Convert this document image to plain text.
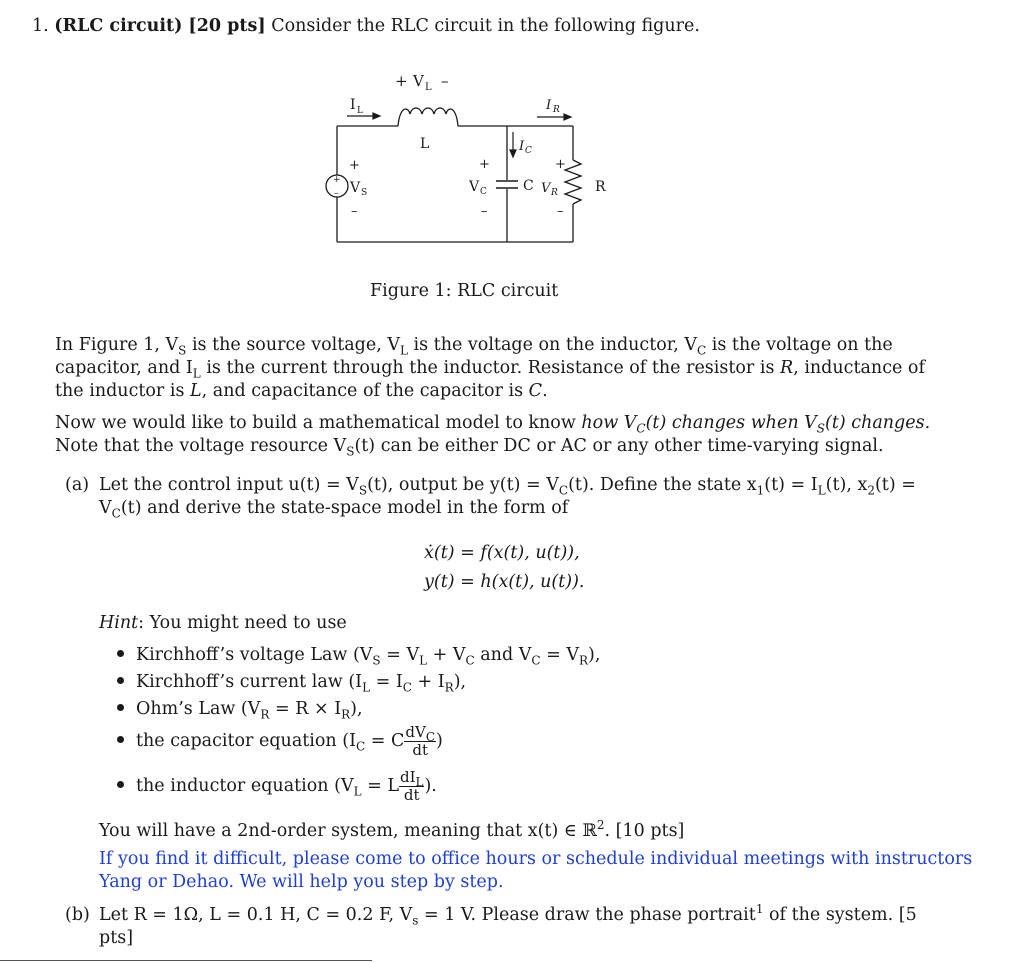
1. (RLC circuit) [20 pts] Consider the RLC circuit in the following figure.
+ V L –
I L	I R
I C
L
+
V S
–
+
–
+
V C
–
C
+
V R
–
R
Figure 1: RLC circuit
In Figure 1, $V_S$ is the source voltage, $V_L$ is the voltage on the inductor, $V_C$ is the voltage on the
capacitor, and $I_L$ is the current through the inductor. Resistance of the resistor is R, inductance of
the inductor is L, and capacitance of the capacitor is C.
Now we would like to build a mathematical model to know how $V_C(t)$ changes when $V_S(t)$ changes.
Note that the voltage resource $V_S(t)$ can be either DC or AC or any other time-varying signal.
(a) Let the control input $u(t) = V_S(t)$, output be $y(t) = V_C(t)$. Define the state $x_1(t) = I_L(t)$, $x_2(t)$ =
$V_C(t)$ and derive the state-space model in the form of
ẋ(t) = f(x(t), u(t)),
y(t) = h(x(t), u(t)).
Hint: You might need to use
Kirchhoff’s voltage Law ($V_S = V_L + V_C$ and $V_C = V_R$),
Kirchhoff’s current law $(I_L = I_C + I_R)$,
Ohm’s Law $(V_R = R \times I_R)$,
the capacitor equation ($I_C = C \frac{dV_C}{dt}$ )
the inductor equation ($V_L = L \frac{dI_L}{dt}$ ).
You will have a 2nd-order system, meaning that x(t) ∈ ℝ$^2$. [10 pts]
If you find it difficult, please come to office hours or schedule individual meetings with instructors
Yang or Dehao. We will help you step by step.
(b) Let R = 1Ω, L = 0.1 H, C = 0.2 F, $V_s = 1$ V. Please draw the phase portrait$^1$ of the system. [5
pts]
